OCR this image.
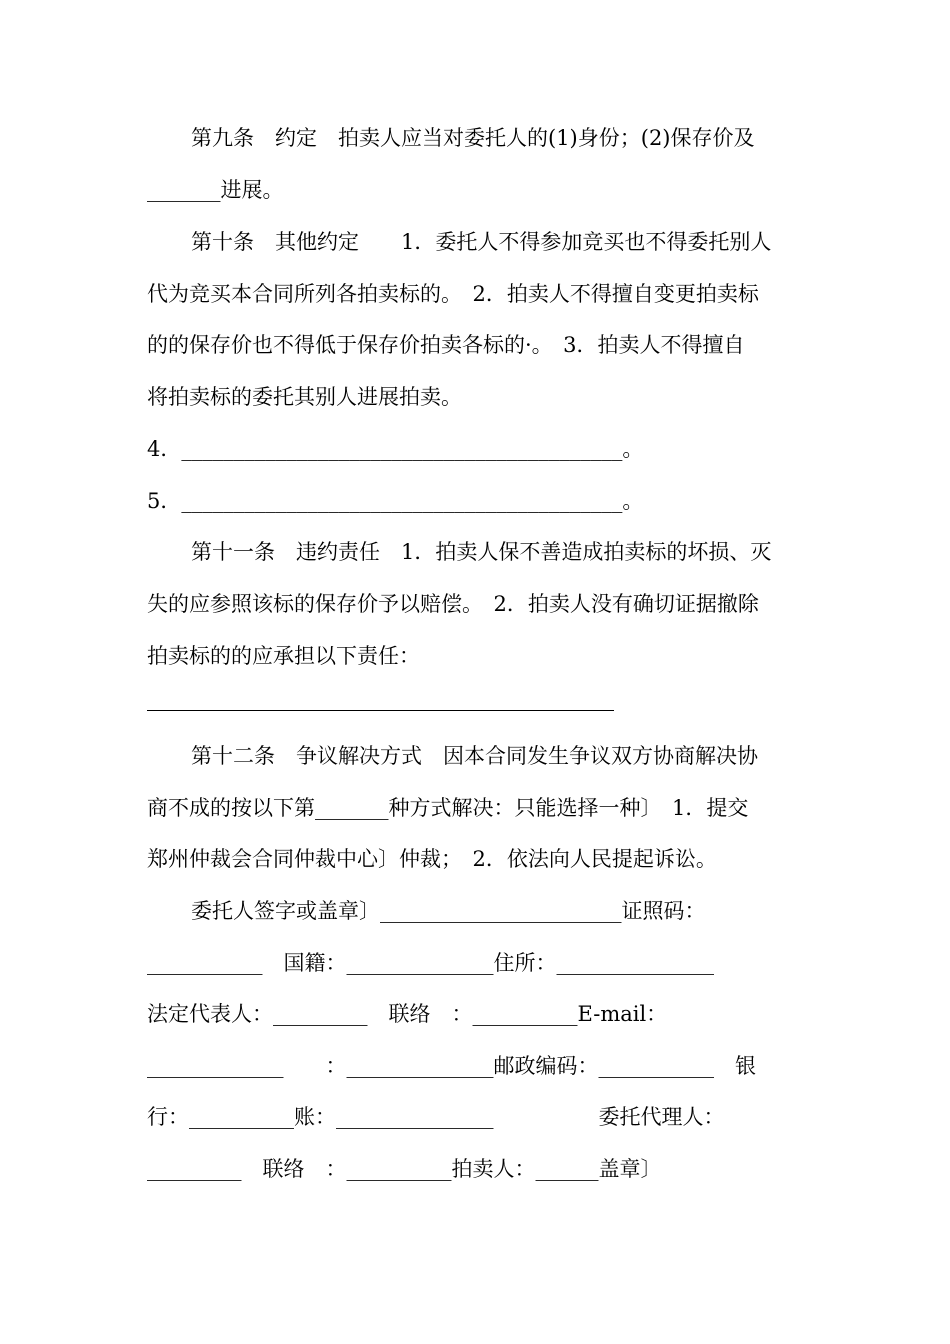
第九条　约定　拍卖人应当对委托人的(1)身份；(2)保存价及
_______进展。
第十条　其他约定　　1．委托人不得参加竞买也不得委托别人
代为竞买本合同所列各拍卖标的。　2．拍卖人不得擅自变更拍卖标
的的保存价也不得低于保存价拍卖各标的·。　3．拍卖人不得擅自
将拍卖标的委托其别人进展拍卖。
4．__________________________________________。
5．__________________________________________。
第十一条　违约责任　1．拍卖人保不善造成拍卖标的坏损、灭
失的应参照该标的保存价予以赔偿。　2．拍卖人没有确切证据撤除
拍卖标的的应承担以下责任：
第十二条　争议解决方式　因本合同发生争议双方协商解决协
商不成的按以下第_______种方式解决：只能选择一种〕　1．提交
郑州仲裁会合同仲裁中心〕仲裁；　2．依法向人民提起诉讼。
委托人签字或盖章〕_______________________证照码：
___________　国籍：______________住所：_______________
法定代表人：_________　联络　：__________E-mail：
_____________　　：______________邮政编码：___________　银
行：__________账：_______________　　　　　委托代理人：
_________　联络　：__________拍卖人：______盖章〕
